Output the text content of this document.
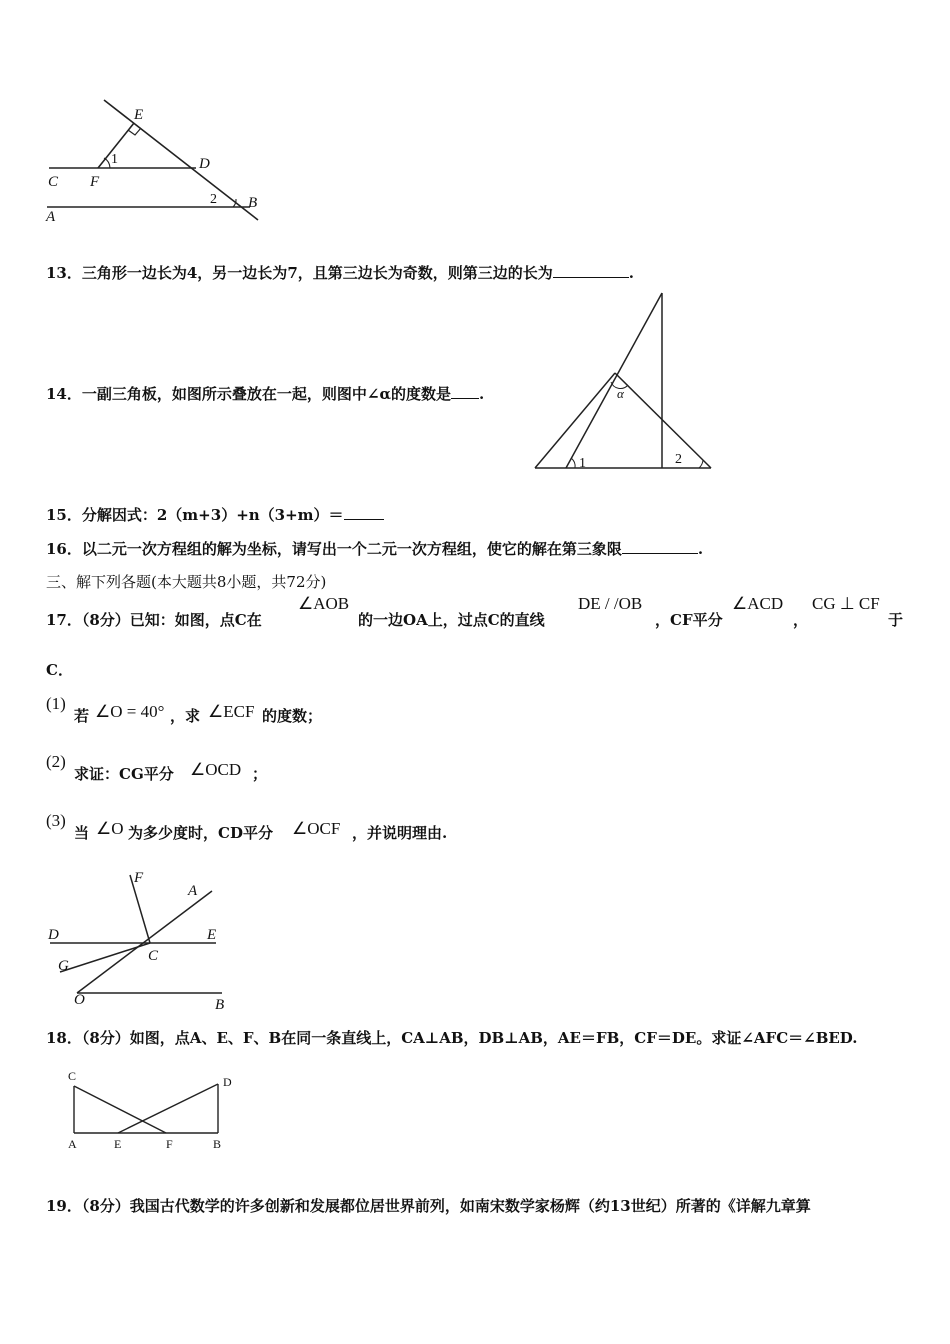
E
1	D
C F
2 B
A
13．三角形一边长为4，另一边长为7，且第三边长为奇数，则第三边的长为	.
α
1	2
14．一副三角板，如图所示叠放在一起，则图中∠α的度数是 .
15．分解因式：2（m+3）+n（3+m）＝
16．以二元一次方程组的解为坐标，请写出一个二元一次方程组，使它的解在第三象限	.
三、解下列各题(本大题共8小题，共72分)
17．（8分）已知：如图，点C在
∠AOB
的一边OA上，过点C的直线
DE / /OB
，CF平分
∠ACD
，
CG ⊥ CF
于
C．
(1)
若 ∠O = 40° ，求 ∠ECF 的度数；
(2)
求证：CG平分 ∠OCD ；
(3)
当 ∠O 为多少度时，CD平分 ∠OCF ，并说明理由.
F
A
D	E
G
C
O	B
18．（8分）如图，点A、E、F、B在同一条直线上，CA⊥AB，DB⊥AB，AE＝FB，CF＝DE。求证∠AFC＝∠BED.
C	D
A	E	F	B
19．（8分）我国古代数学的许多创新和发展都位居世界前列，如南宋数学家杨辉（约13世纪）所著的《详解九章算
